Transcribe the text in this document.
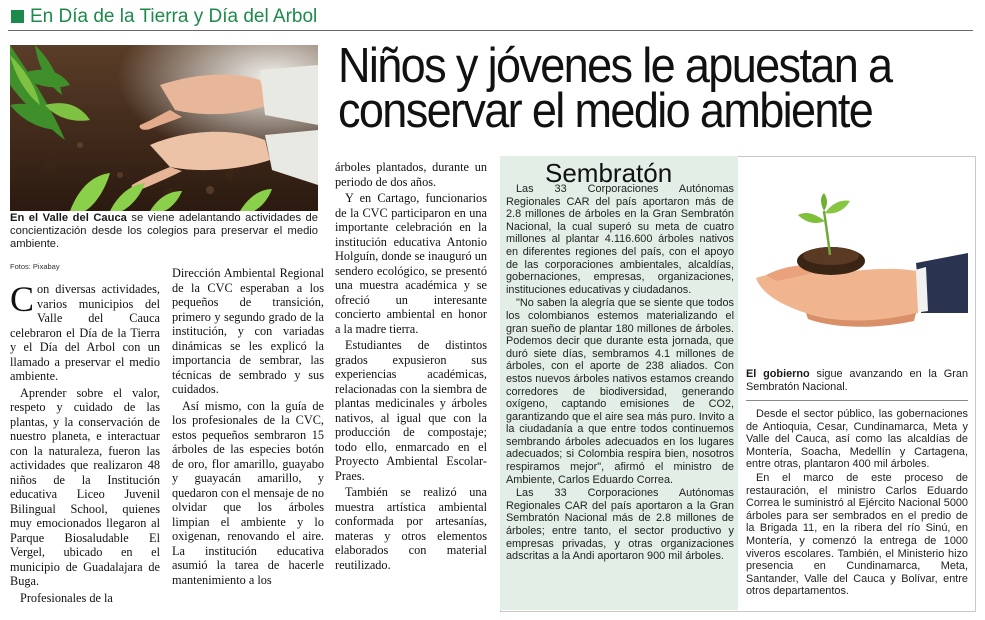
En Día de la Tierra y Día del Arbol
En el Valle del Cauca se viene adelantando actividades de concientización desde los colegios para preservar el medio ambiente.
Fotos: Pixabay
Niños y jóvenes le apuestan a conservar el medio ambiente

Con diversas actividades, varios municipios del Valle del Cauca celebraron el Día de la Tierra y el Día del Arbol con un llamado a preservar el medio ambiente.

Aprender sobre el valor, respeto y cuidado de las plantas, y la conservación de nuestro planeta, e interactuar con la naturaleza, fueron las actividades que realizaron 48 niños de la Institución educativa Liceo Juvenil Bilingual School, quienes muy emocionados llegaron al Parque Biosaludable El Vergel, ubicado en el municipio de Guadalajara de Buga.

Profesionales de la

Dirección Ambiental Regional de la CVC esperaban a los pequeños de transición, primero y segundo grado de la institución, y con variadas dinámicas se les explicó la importancia de sembrar, las técnicas de sembrado y sus cuidados.

Así mismo, con la guía de los profesionales de la CVC, estos pequeños sembraron 15 árboles de las especies botón de oro, flor amarillo, guayabo y guayacán amarillo, y quedaron con el mensaje de no olvidar que los árboles limpian el ambiente y lo oxigenan, renovando el aire. La institución educativa asumió la tarea de hacerle mantenimiento a los

árboles plantados, durante un periodo de dos años.

Y en Cartago, funcionarios de la CVC participaron en una importante celebración en la institución educativa Antonio Holguín, donde se inauguró un sendero ecológico, se presentó una muestra académica y se ofreció un interesante concierto ambiental en honor a la madre tierra.

Estudiantes de distintos grados expusieron sus experiencias académicas, relacionadas con la siembra de plantas medicinales y árboles nativos, al igual que con la producción de compostaje; todo ello, enmarcado en el Proyecto Ambiental Escolar-Praes.

También se realizó una muestra artística ambiental conformada por artesanías, materas y otros elementos elaborados con material reutilizado.

Sembratón

Las 33 Corporaciones Autónomas Regionales CAR del país aportaron más de 2.8 millones de árboles en la Gran Sembratón Nacional, la cual superó su meta de cuatro millones al plantar 4.116.600 árboles nativos en diferentes regiones del país, con el apoyo de las corporaciones ambientales, alcaldías, gobernaciones, empresas, organizaciones, instituciones educativas y ciudadanos.

"No saben la alegría que se siente que todos los colombianos estemos materializando el gran sueño de plantar 180 millones de árboles. Podemos decir que durante esta jornada, que duró siete días, sembramos 4.1 millones de árboles, con el aporte de 238 aliados. Con estos nuevos árboles nativos estamos creando corredores de biodiversidad, generando oxígeno, captando emisiones de CO2, garantizando que el aire sea más puro. Invito a la ciudadanía a que entre todos continuemos sembrando árboles adecuados en los lugares adecuados; si Colombia respira bien, nosotros respiramos mejor", afirmó el ministro de Ambiente, Carlos Eduardo Correa.

Las 33 Corporaciones Autónomas Regionales CAR del país aportaron a la Gran Sembratón Nacional más de 2.8 millones de árboles; entre tanto, el sector productivo y empresas privadas, y otras organizaciones adscritas a la Andi aportaron 900 mil árboles.

El gobierno sigue avanzando en la Gran Sembratón Nacional.

Desde el sector público, las gobernaciones de Antioquia, Cesar, Cundinamarca, Meta y Valle del Cauca, así como las alcaldías de Montería, Soacha, Medellín y Cartagena, entre otras, plantaron 400 mil árboles.

En el marco de este proceso de restauración, el ministro Carlos Eduardo Correa le suministró al Ejército Nacional 5000 árboles para ser sembrados en el predio de la Brigada 11, en la ribera del río Sinú, en Montería, y comenzó la entrega de 1000 viveros escolares. También, el Ministerio hizo presencia en Cundinamarca, Meta, Santander, Valle del Cauca y Bolívar, entre otros departamentos.
